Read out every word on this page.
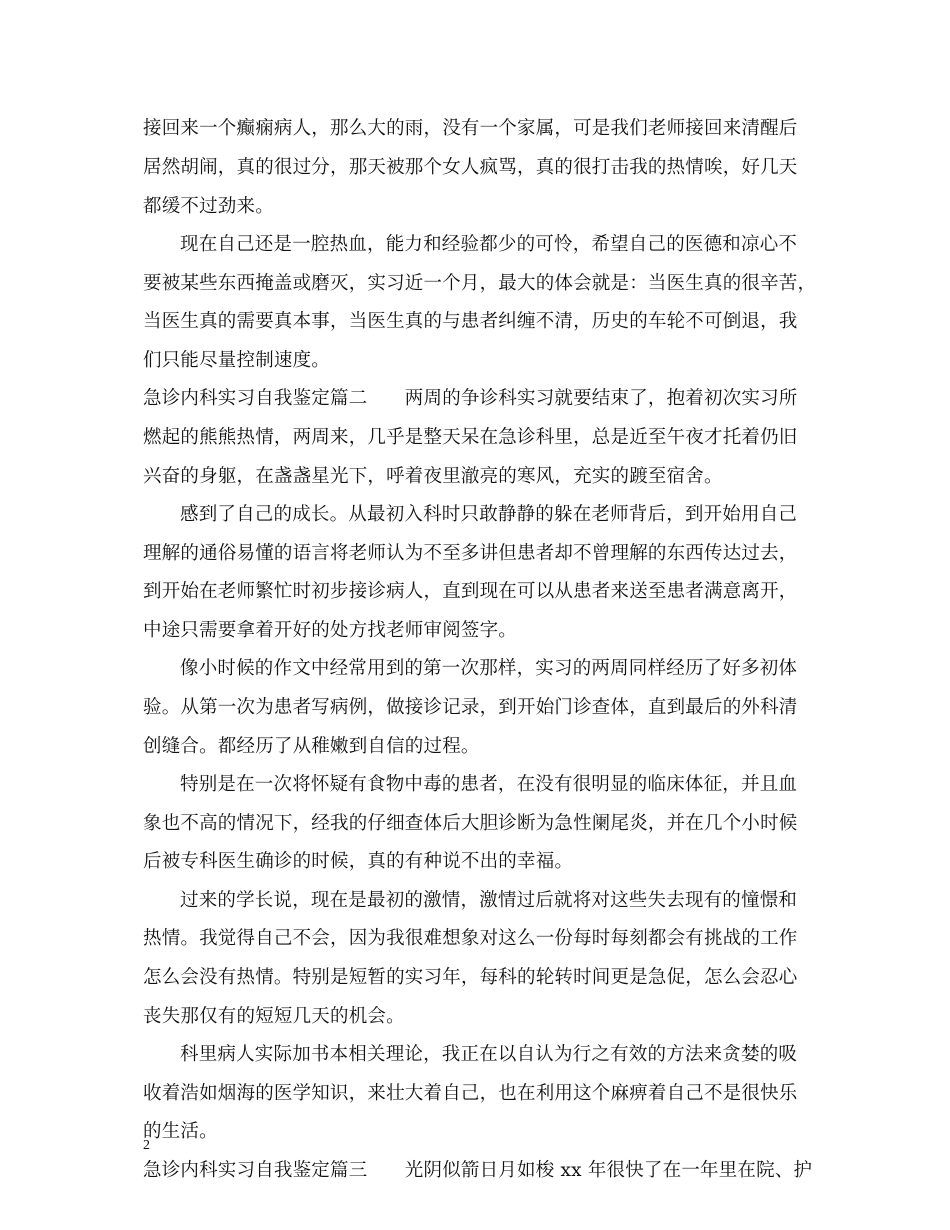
接回来一个癫痫病人，那么大的雨，没有一个家属，可是我们老师接回来清醒后
居然胡闹，真的很过分，那天被那个女人疯骂，真的很打击我的热情唉，好几天
都缓不过劲来。
现在自己还是一腔热血，能力和经验都少的可怜，希望自己的医德和凉心不
要被某些东西掩盖或磨灭，实习近一个月，最大的体会就是：当医生真的很辛苦，
当医生真的需要真本事，当医生真的与患者纠缠不清，历史的车轮不可倒退，我
们只能尽量控制速度。
急诊内科实习自我鉴定篇二　　两周的争诊科实习就要结束了，抱着初次实习所
燃起的熊熊热情，两周来，几乎是整天呆在急诊科里，总是近至午夜才托着仍旧
兴奋的身躯，在盏盏星光下，呼着夜里澈亮的寒风，充实的踱至宿舍。
感到了自己的成长。从最初入科时只敢静静的躲在老师背后，到开始用自己
理解的通俗易懂的语言将老师认为不至多讲但患者却不曾理解的东西传达过去，
到开始在老师繁忙时初步接诊病人，直到现在可以从患者来送至患者满意离开，
中途只需要拿着开好的处方找老师审阅签字。
像小时候的作文中经常用到的第一次那样，实习的两周同样经历了好多初体
验。从第一次为患者写病例，做接诊记录，到开始门诊查体，直到最后的外科清
创缝合。都经历了从稚嫩到自信的过程。
特别是在一次将怀疑有食物中毒的患者，在没有很明显的临床体征，并且血
象也不高的情况下，经我的仔细查体后大胆诊断为急性阑尾炎，并在几个小时候
后被专科医生确诊的时候，真的有种说不出的幸福。
过来的学长说，现在是最初的激情，激情过后就将对这些失去现有的憧憬和
热情。我觉得自己不会，因为我很难想象对这么一份每时每刻都会有挑战的工作
怎么会没有热情。特别是短暂的实习年，每科的轮转时间更是急促，怎么会忍心
丧失那仅有的短短几天的机会。
科里病人实际加书本相关理论，我正在以自认为行之有效的方法来贪婪的吸
收着浩如烟海的医学知识，来壮大着自己，也在利用这个麻痹着自己不是很快乐
的生活。
急诊内科实习自我鉴定篇三　　光阴似箭日月如梭 xx 年很快了在一年里在院、护
2
